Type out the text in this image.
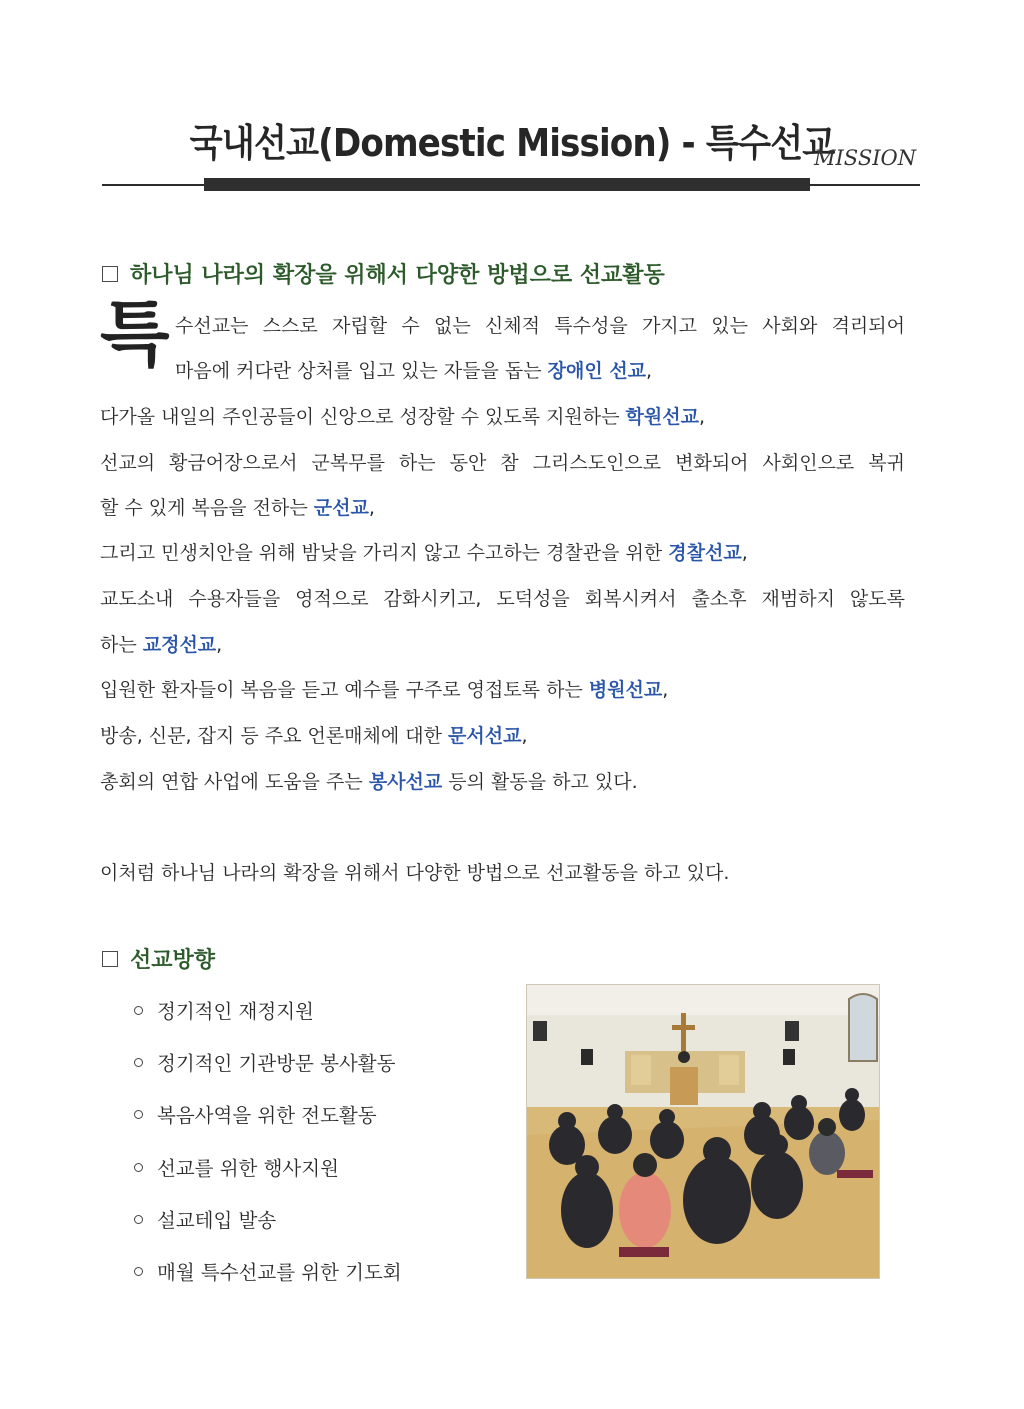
국내선교(Domestic Mission) - 특수선교
MISSION
하나님 나라의 확장을 위해서 다양한 방법으로 선교활동
특 수선교는 스스로 자립할 수 없는 신체적 특수성을 가지고 있는 사회와 격리되어
마음에 커다란 상처를 입고 있는 자들을 돕는 장애인 선교,
다가올 내일의 주인공들이 신앙으로 성장할 수 있도록 지원하는 학원선교,
선교의 황금어장으로서 군복무를 하는 동안 참 그리스도인으로 변화되어 사회인으로 복귀
할 수 있게 복음을 전하는 군선교,
그리고 민생치안을 위해 밤낮을 가리지 않고 수고하는 경찰관을 위한 경찰선교,
교도소내 수용자들을 영적으로 감화시키고, 도덕성을 회복시켜서 출소후 재범하지 않도록
하는 교정선교,
입원한 환자들이 복음을 듣고 예수를 구주로 영접토록 하는 병원선교,
방송, 신문, 잡지 등 주요 언론매체에 대한 문서선교,
총회의 연합 사업에 도움을 주는 봉사선교 등의 활동을 하고 있다.
이처럼 하나님 나라의 확장을 위해서 다양한 방법으로 선교활동을 하고 있다.
선교방향
정기적인 재정지원
정기적인 기관방문 봉사활동
복음사역을 위한 전도활동
선교를 위한 행사지원
설교테입 발송
매월 특수선교를 위한 기도회
